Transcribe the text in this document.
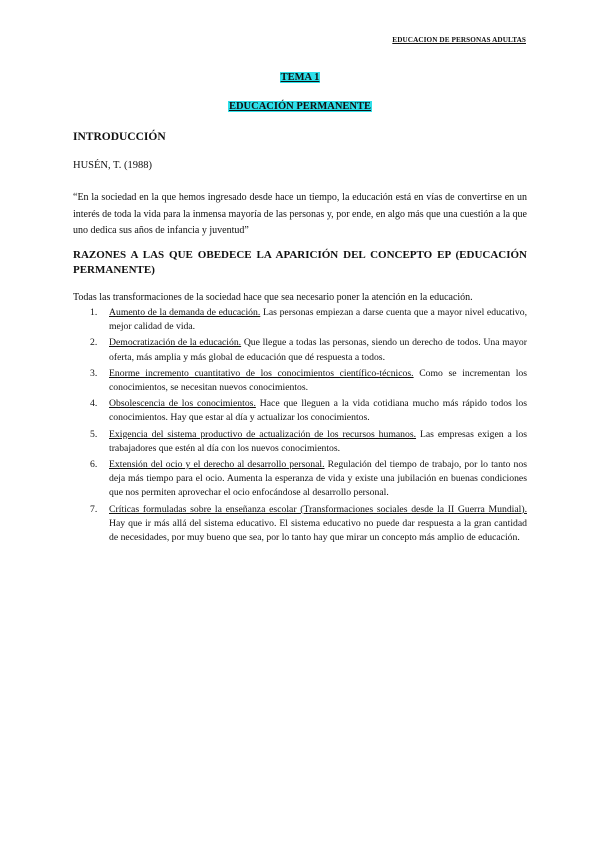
EDUCACION DE PERSONAS ADULTAS
TEMA 1
EDUCACIÓN PERMANENTE
INTRODUCCIÓN
HUSÉN, T. (1988)
“En la sociedad en la que hemos ingresado desde hace un tiempo, la educación está en vías de convertirse en un interés de toda la vida para la inmensa mayoría de las personas y, por ende, en algo más que una cuestión a la que uno dedica sus años de infancia y juventud”
RAZONES A LAS QUE OBEDECE LA APARICIÓN DEL CONCEPTO EP (EDUCACIÓN PERMANENTE)
Todas las transformaciones de la sociedad hace que sea necesario poner la atención en la educación.
1. Aumento de la demanda de educación. Las personas empiezan a darse cuenta que a mayor nivel educativo, mejor calidad de vida.
2. Democratización de la educación. Que llegue a todas las personas, siendo un derecho de todos. Una mayor oferta, más amplia y más global de educación que dé respuesta a todos.
3. Enorme incremento cuantitativo de los conocimientos científico-técnicos. Como se incrementan los conocimientos, se necesitan nuevos conocimientos.
4. Obsolescencia de los conocimientos. Hace que lleguen a la vida cotidiana mucho más rápido todos los conocimientos. Hay que estar al día y actualizar los conocimientos.
5. Exigencia del sistema productivo de actualización de los recursos humanos. Las empresas exigen a los trabajadores que estén al día con los nuevos conocimientos.
6. Extensión del ocio y el derecho al desarrollo personal. Regulación del tiempo de trabajo, por lo tanto nos deja más tiempo para el ocio. Aumenta la esperanza de vida y existe una jubilación en buenas condiciones que nos permiten aprovechar el ocio enfocándose al desarrollo personal.
7. Críticas formuladas sobre la enseñanza escolar (Transformaciones sociales desde la II Guerra Mundial). Hay que ir más allá del sistema educativo. El sistema educativo no puede dar respuesta a la gran cantidad de necesidades, por muy bueno que sea, por lo tanto hay que mirar un concepto más amplio de educación.
